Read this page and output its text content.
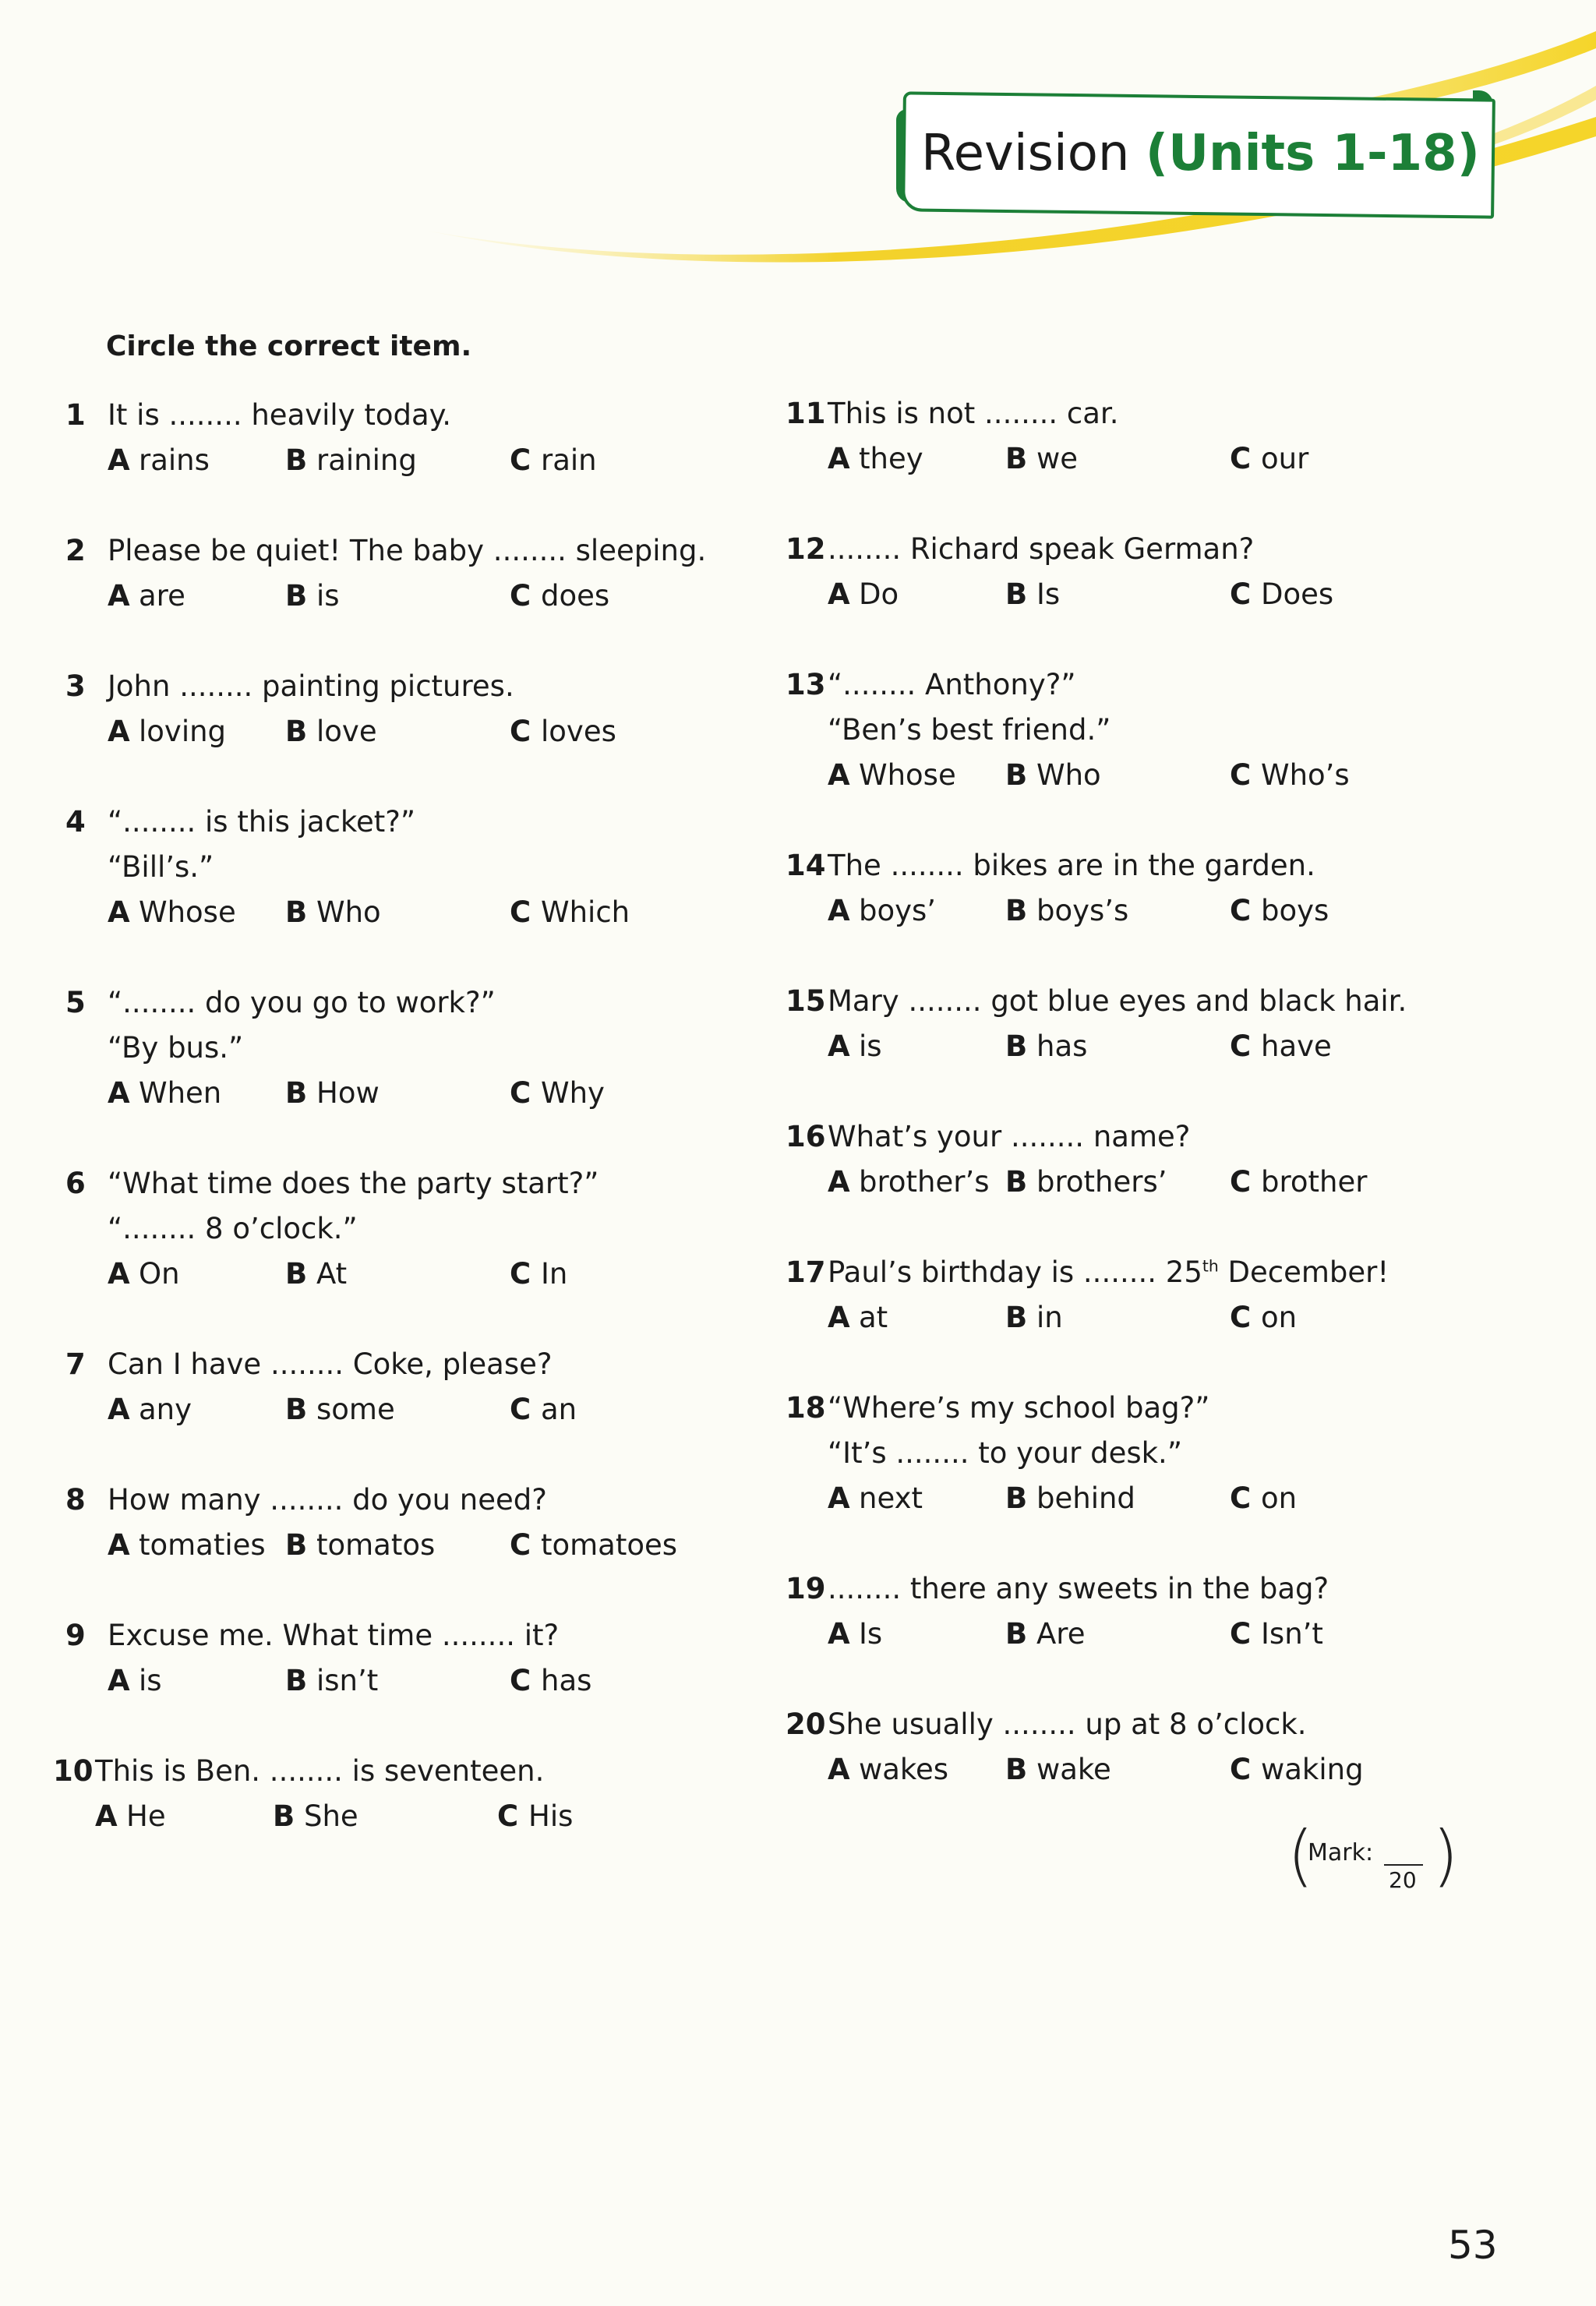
Revision (Units 1-18)
Circle the correct item.
1 It is ........ heavily today.
A rains	B raining	C rain
2 Please be quiet! The baby ........ sleeping.
A are	B is	C does
3 John ........ painting pictures.
A loving B love	C loves
4 “........ is this jacket?”
“Bill’s.”
A Whose B Who	C Which
5 “........ do you go to work?”
“By bus.”
A When B How	C Why
6 “What time does the party start?”
“........ 8 o’clock.”
A On	B At	C In
7 Can I have ........ Coke, please?
A any	B some	C an
8 How many ........ do you need?
A tomaties B tomatos	C tomatoes
9 Excuse me. What time ........ it?
A is	B isn’t	C has
10 This is Ben. ........ is seventeen.
A He	B She	C His
11 This is not ........ car.
A they	B we	C our
12 ........ Richard speak German?
A Do	B Is	C Does
13 “........ Anthony?”
“Ben’s best friend.”
A Whose B Who	C Who’s
14 The ........ bikes are in the garden.
A boys’ B boys’s	C boys
15 Mary ........ got blue eyes and black hair.
A is	B has	C have
16 What’s your ........ name?
A brother’s B brothers’ C brother
17 Paul’s birthday is ........ 25th December!
A at	B in	C on
18 “Where’s my school bag?”
“It’s ........ to your desk.”
A next	B behind	C on
19 ........ there any sweets in the bag?
A Is	B Are	C Isn’t
20 She usually ........ up at 8 o’clock.
A wakes B wake	C waking
(
Mark:
20 )
53
